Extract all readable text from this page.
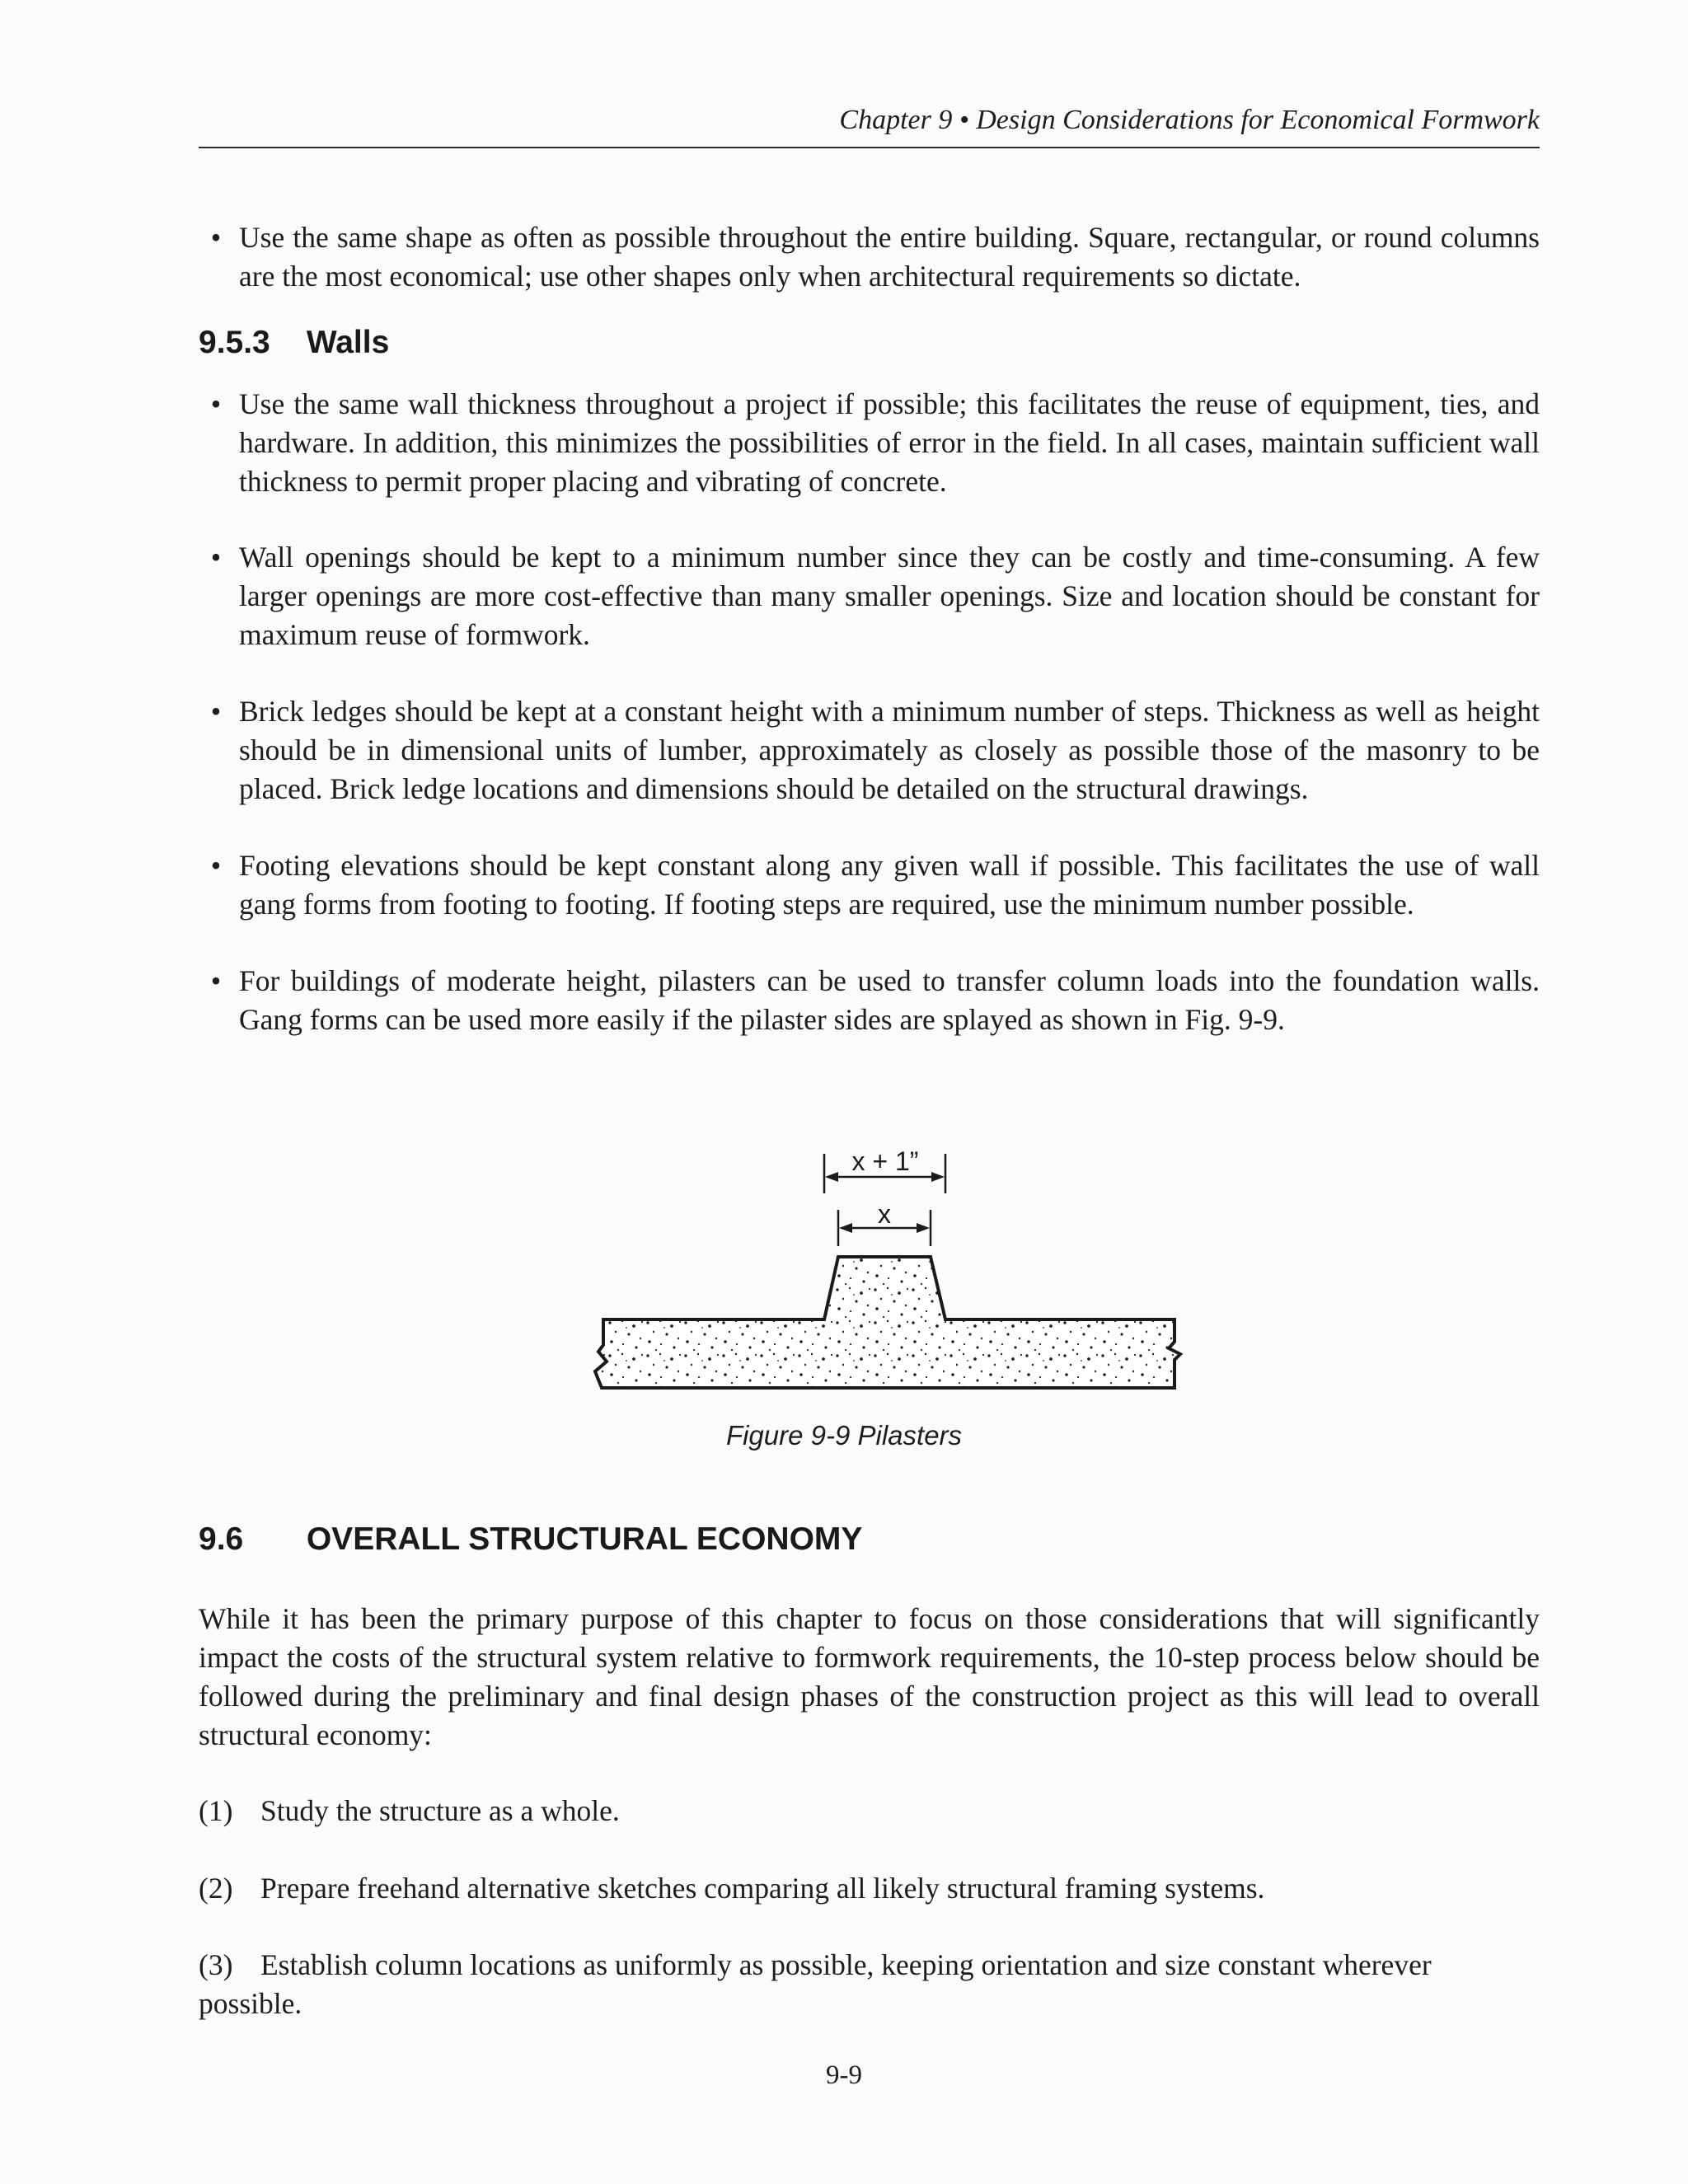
Chapter 9 • Design Considerations for Economical Formwork
• Use the same shape as often as possible throughout the entire building. Square, rectangular, or round columns are the most economical; use other shapes only when architectural requirements so dictate.
9.5.3 Walls
• Use the same wall thickness throughout a project if possible; this facilitates the reuse of equipment, ties, and hardware. In addition, this minimizes the possibilities of error in the field. In all cases, maintain sufficient wall thickness to permit proper placing and vibrating of concrete.
• Wall openings should be kept to a minimum number since they can be costly and time-consuming. A few larger openings are more cost-effective than many smaller openings. Size and location should be constant for maximum reuse of formwork.
• Brick ledges should be kept at a constant height with a minimum number of steps. Thickness as well as height should be in dimensional units of lumber, approximately as closely as possible those of the masonry to be placed. Brick ledge locations and dimensions should be detailed on the structural drawings.
• Footing elevations should be kept constant along any given wall if possible. This facilitates the use of wall gang forms from footing to footing. If footing steps are required, use the minimum number possible.
• For buildings of moderate height, pilasters can be used to transfer column loads into the foundation walls. Gang forms can be used more easily if the pilaster sides are splayed as shown in Fig. 9-9.
x + 1”
x
Figure 9-9 Pilasters
9.6 OVERALL STRUCTURAL ECONOMY
While it has been the primary purpose of this chapter to focus on those considerations that will significantly impact the costs of the structural system relative to formwork requirements, the 10-step process below should be followed during the preliminary and final design phases of the construction project as this will lead to overall structural economy:
(1) Study the structure as a whole.
(2) Prepare freehand alternative sketches comparing all likely structural framing systems.
(3) Establish column locations as uniformly as possible, keeping orientation and size constant wherever possible.
9-9
